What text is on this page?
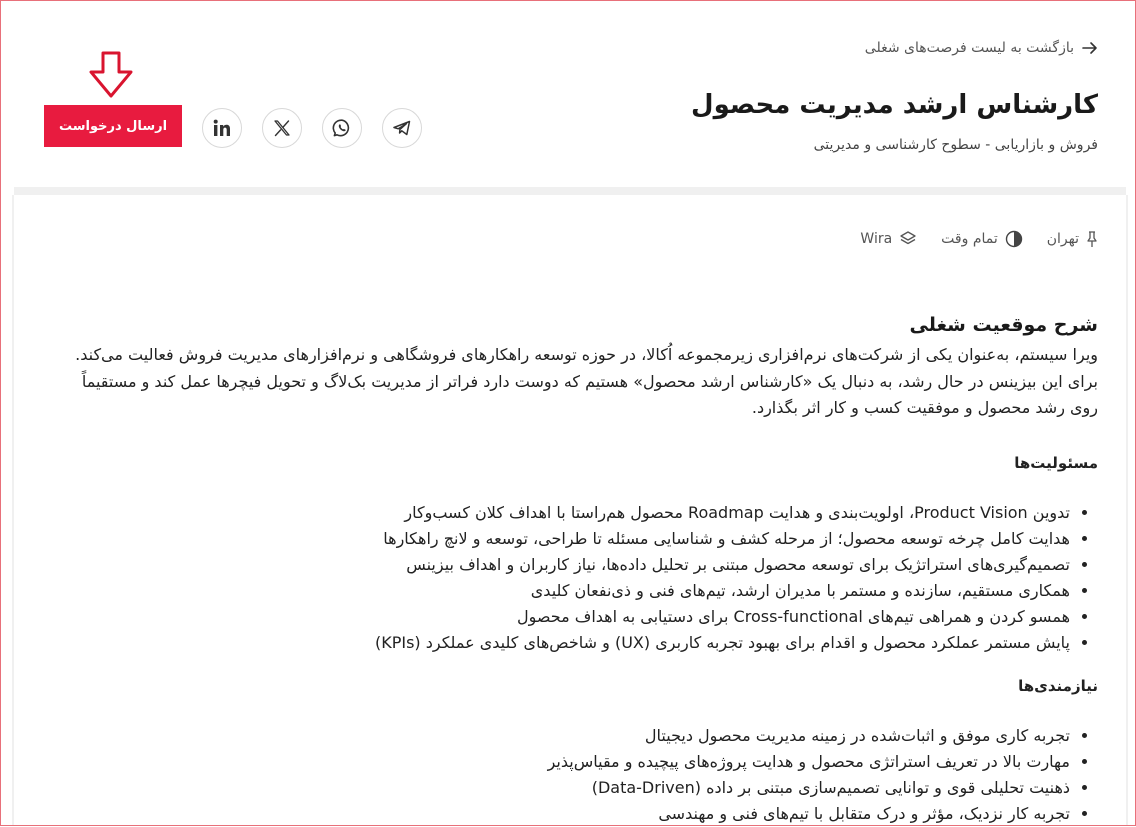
بازگشت به لیست فرصت‌های شغلی
کارشناس ارشد مدیریت محصول
فروش و بازاریابی - سطوح کارشناسی و مدیریتی
ارسال درخواست
تهران
تمام وقت
Wira
شرح موقعیت شغلی

ویرا سیستم، به‌عنوان یکی از شرکت‌های نرم‌افزاری زیرمجموعه اُکالا، در حوزه توسعه راهکارهای فروشگاهی و نرم‌افزارهای مدیریت فروش فعالیت می‌کند. برای این بیزینس در حال رشد، به دنبال یک «کارشناس ارشد محصول» هستیم که دوست دارد فراتر از مدیریت بک‌لاگ و تحویل فیچرها عمل کند و مستقیماً روی رشد محصول و موفقیت کسب و کار اثر بگذارد.

مسئولیت‌ها
• تدوین Product Vision، اولویت‌بندی و هدایت Roadmap محصول هم‌راستا با اهداف کلان کسب‌وکار
• هدایت کامل چرخه توسعه محصول؛ از مرحله کشف و شناسایی مسئله تا طراحی، توسعه و لانچ راهکارها
• تصمیم‌گیری‌های استراتژیک برای توسعه محصول مبتنی بر تحلیل داده‌ها، نیاز کاربران و اهداف بیزینس
• همکاری مستقیم، سازنده و مستمر با مدیران ارشد، تیم‌های فنی و ذی‌نفعان کلیدی
• همسو کردن و همراهی تیم‌های Cross-functional برای دستیابی به اهداف محصول
• پایش مستمر عملکرد محصول و اقدام برای بهبود تجربه کاربری (UX) و شاخص‌های کلیدی عملکرد (KPIs)
نیازمندی‌ها
• تجربه کاری موفق و اثبات‌شده در زمینه مدیریت محصول دیجیتال
• مهارت بالا در تعریف استراتژی محصول و هدایت پروژه‌های پیچیده و مقیاس‌پذیر
• ذهنیت تحلیلی قوی و توانایی تصمیم‌سازی مبتنی بر داده (Data-Driven)
• تجربه کار نزدیک، مؤثر و درک متقابل با تیم‌های فنی و مهندسی
